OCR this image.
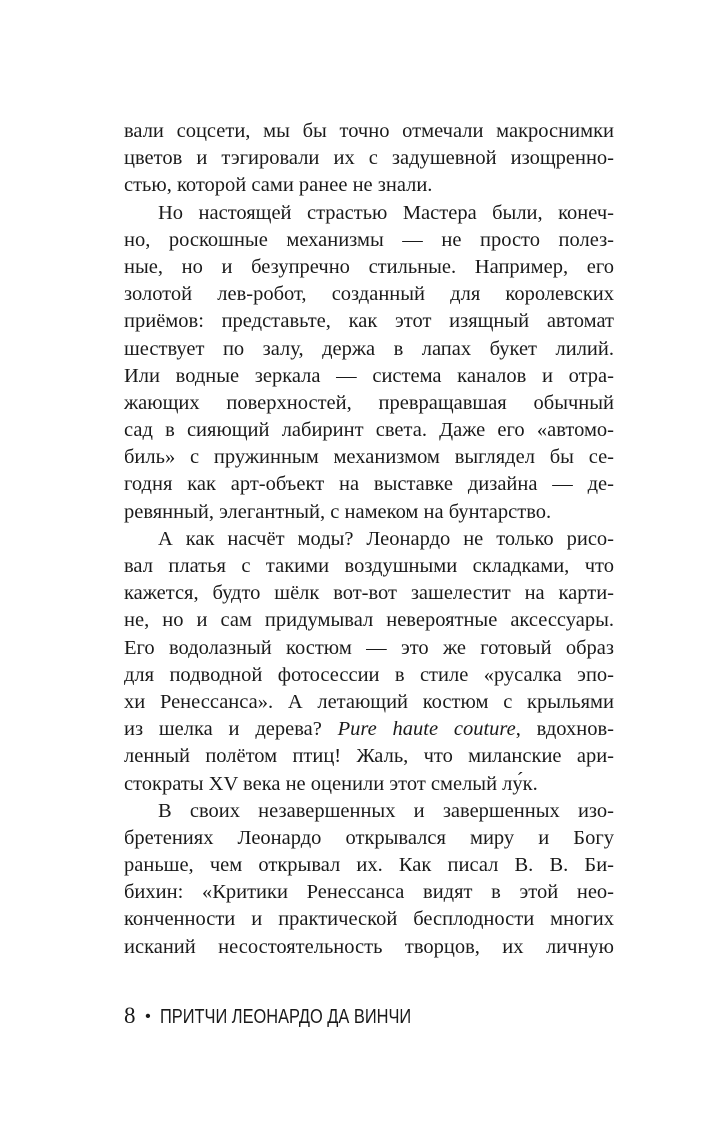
вали соцсети, мы бы точно отмечали макроснимки
цветов и тэгировали их с задушевной изощренно-
стью, которой сами ранее не знали.
Но настоящей страстью Мастера были, конеч-
но, роскошные механизмы — не просто полез-
ные, но и безупречно стильные. Например, его
золотой лев-робот, созданный для королевских
приёмов: представьте, как этот изящный автомат
шествует по залу, держа в лапах букет лилий.
Или водные зеркала — система каналов и отра-
жающих поверхностей, превращавшая обычный
сад в сияющий лабиринт света. Даже его «автомо-
биль» с пружинным механизмом выглядел бы се-
годня как арт-объект на выставке дизайна — де-
ревянный, элегантный, с намеком на бунтарство.
А как насчёт моды? Леонардо не только рисо-
вал платья с такими воздушными складками, что
кажется, будто шёлк вот-вот зашелестит на карти-
не, но и сам придумывал невероятные аксессуары.
Его водолазный костюм — это же готовый образ
для подводной фотосессии в стиле «русалка эпо-
хи Ренессанса». А летающий костюм с крыльями
из шелка и дерева? Pure haute couture, вдохнов-
ленный полётом птиц! Жаль, что миланские ари-
стократы XV века не оценили этот смелый лу́к.
В своих незавершенных и завершенных изо-
бретениях Леонардо открывался миру и Богу
раньше, чем открывал их. Как писал В. В. Би-
бихин: «Критики Ренессанса видят в этой нео-
конченности и практической бесплодности многих
исканий несостоятельность творцов, их личную
8 • ПРИТЧИ ЛЕОНАРДО ДА ВИНЧИ
